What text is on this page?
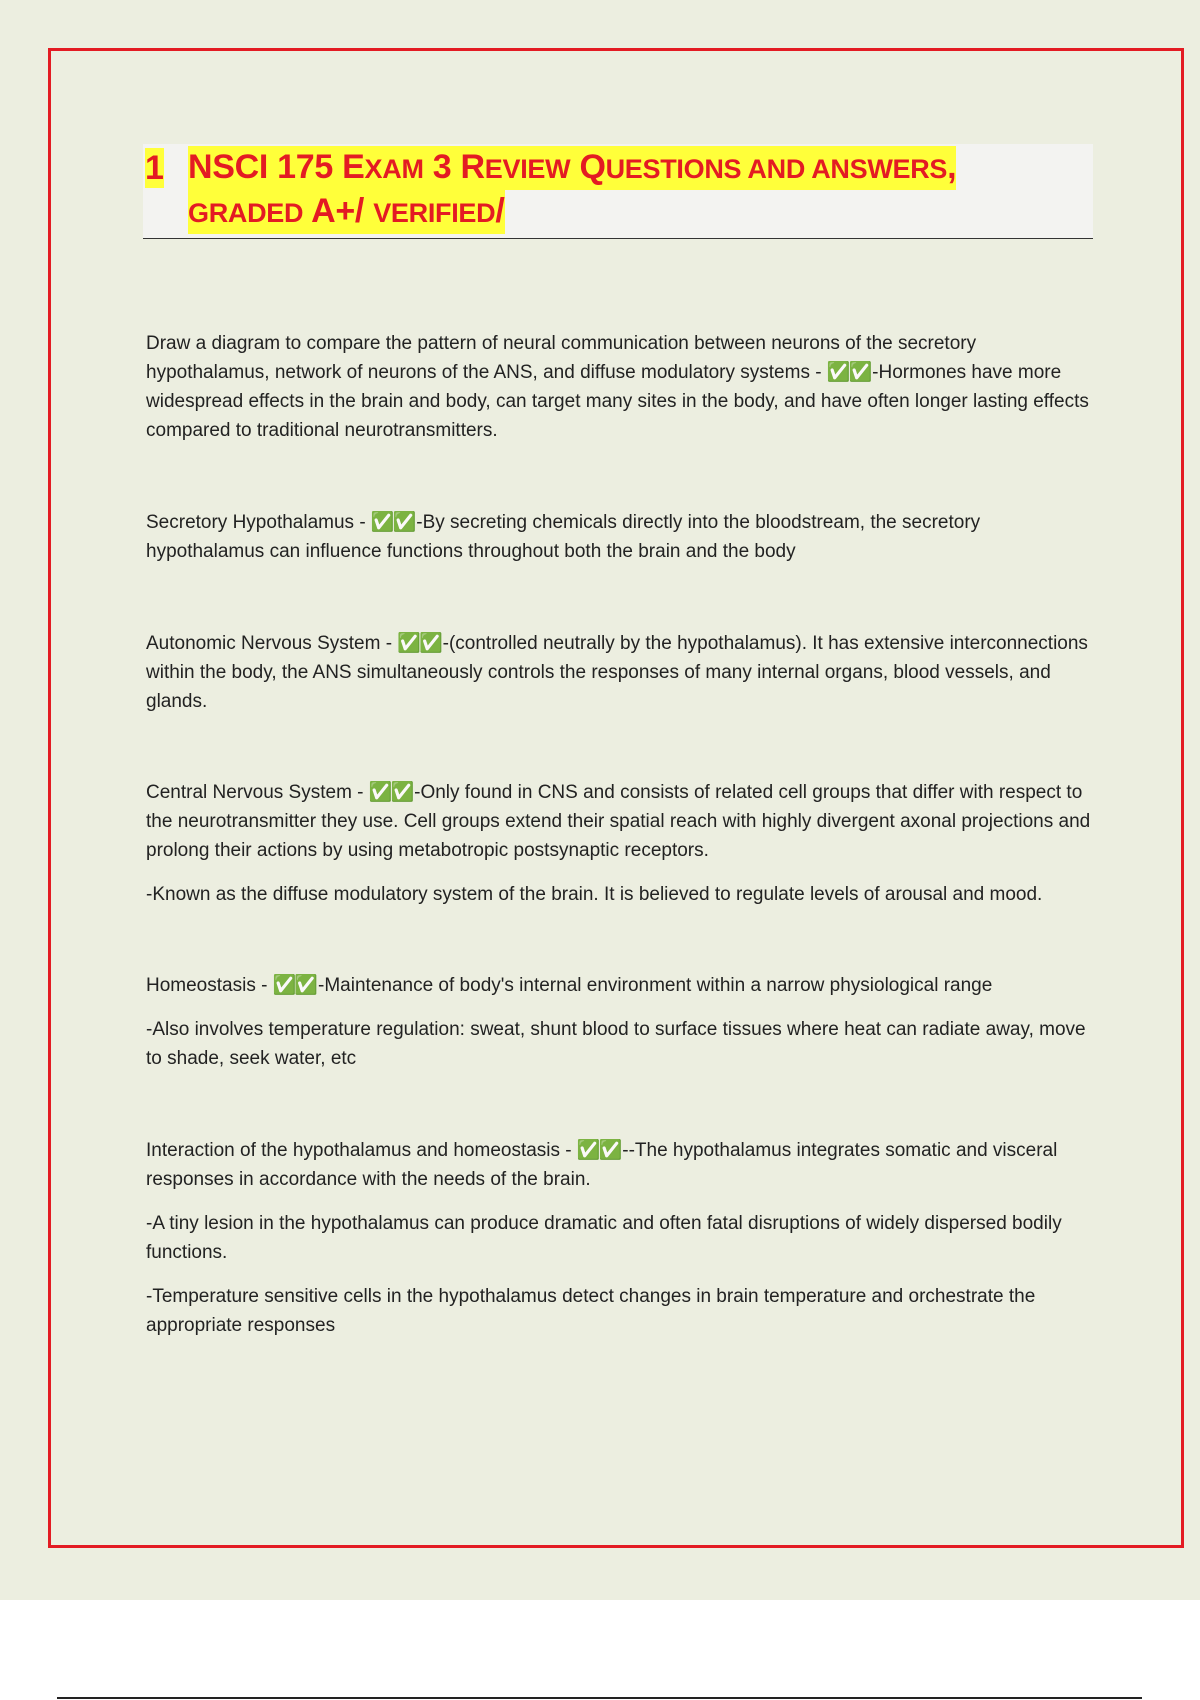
1 NSCI 175 EXAM 3 REVIEW QUESTIONS AND ANSWERS,
GRADED A+/ VERIFIED/

Draw a diagram to compare the pattern of neural communication between neurons of the secretory hypothalamus, network of neurons of the ANS, and diffuse modulatory systems - ✅✅ -Hormones have more widespread effects in the brain and body, can target many sites in the body, and have often longer lasting effects compared to traditional neurotransmitters.

Secretory Hypothalamus - ✅✅ -By secreting chemicals directly into the bloodstream, the secretory hypothalamus can influence functions throughout both the brain and the body

Autonomic Nervous System - ✅✅ -(controlled neutrally by the hypothalamus). It has extensive interconnections within the body, the ANS simultaneously controls the responses of many internal organs, blood vessels, and glands.

Central Nervous System - ✅✅ -Only found in CNS and consists of related cell groups that differ with respect to the neurotransmitter they use. Cell groups extend their spatial reach with highly divergent axonal projections and prolong their actions by using metabotropic postsynaptic receptors.

-Known as the diffuse modulatory system of the brain. It is believed to regulate levels of arousal and mood.

Homeostasis - ✅✅ -Maintenance of body's internal environment within a narrow physiological range

-Also involves temperature regulation: sweat, shunt blood to surface tissues where heat can radiate away, move to shade, seek water, etc

Interaction of the hypothalamus and homeostasis - ✅✅ --The hypothalamus integrates somatic and visceral responses in accordance with the needs of the brain.

-A tiny lesion in the hypothalamus can produce dramatic and often fatal disruptions of widely dispersed bodily functions.

-Temperature sensitive cells in the hypothalamus detect changes in brain temperature and orchestrate the appropriate responses
